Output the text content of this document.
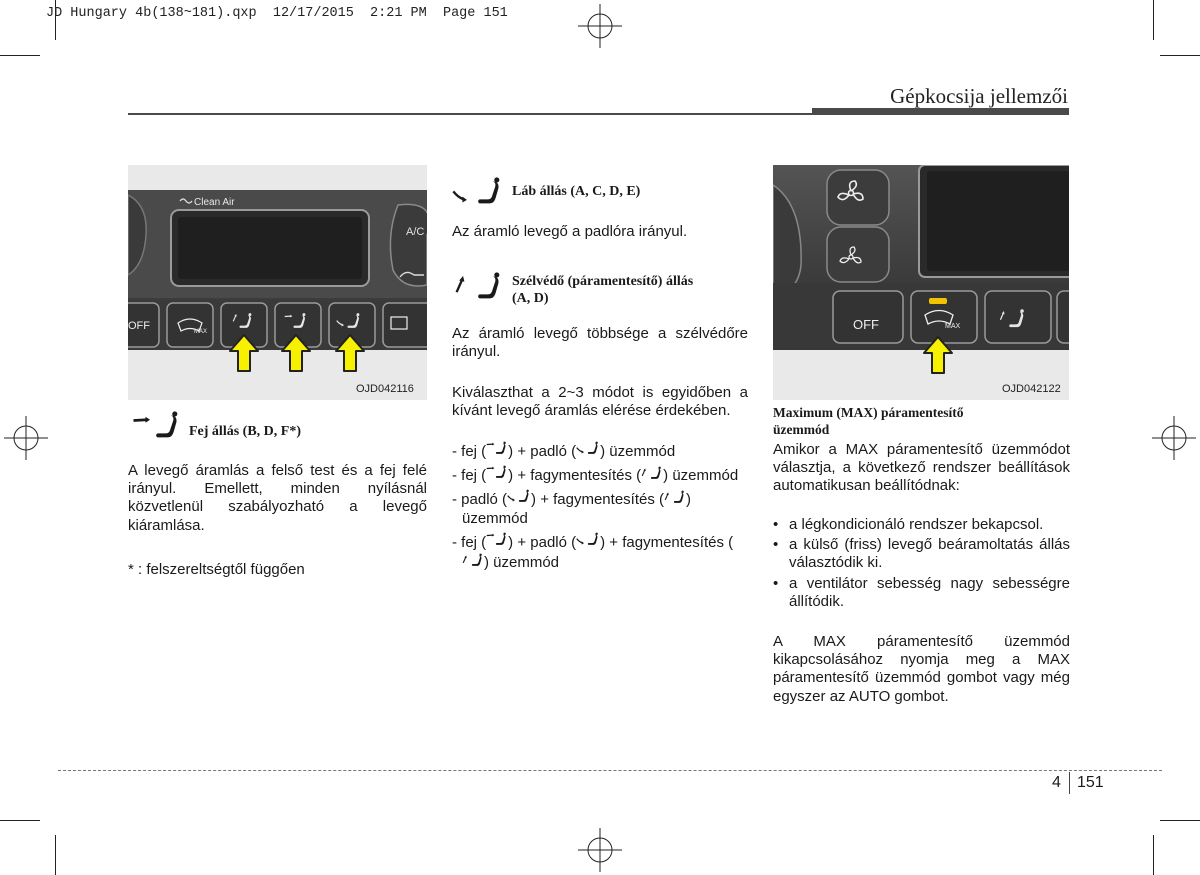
JD Hungary 4b(138~181).qxp  12/17/2015  2:21 PM  Page 151
Gépkocsija jellemzői
A/C
Clean Air
OFF	MAX
OJD042116
Fej állás (B, D, F*)
A levegő áramlás a felső test és a fej felé irányul. Emellett, minden nyílásnál közvetlenül szabályozható a levegő kiáramlása.
* : felszereltségtől függően
Láb állás (A, C, D, E)
Az áramló levegő a padlóra irányul.
Szélvédő (páramentesítő) állás
(A, D)
Az áramló levegő többsége a szélvédőre irányul.
Kiválaszthat a 2~3 módot is egyidőben a kívánt levegő áramlás elérése érdekében.
- fej ( ) + padló ( ) üzemmód
- fej ( ) + fagymentesítés ( ) üzemmód
- padló ( ) + fagymentesítés ( ) üzemmód
- fej ( ) + padló ( ) + fagymentesítés () üzemmód
OFF	MAX
OJD042122
Maximum (MAX) páramentesítő
üzemmód
Amikor a MAX páramentesítő üzemmódot választja, a következő rendszer beállítások automatikusan beállítódnak:
• a légkondicionáló rendszer bekapcsol.
• a külső (friss) levegő beáramoltatás állás választódik ki.
• a ventilátor sebesség nagy sebességre állítódik.
A MAX páramentesítő üzemmód kikapcsolásához nyomja meg a MAX páramentesítő üzemmód gombot vagy még egyszer az AUTO gombot.
4 151
